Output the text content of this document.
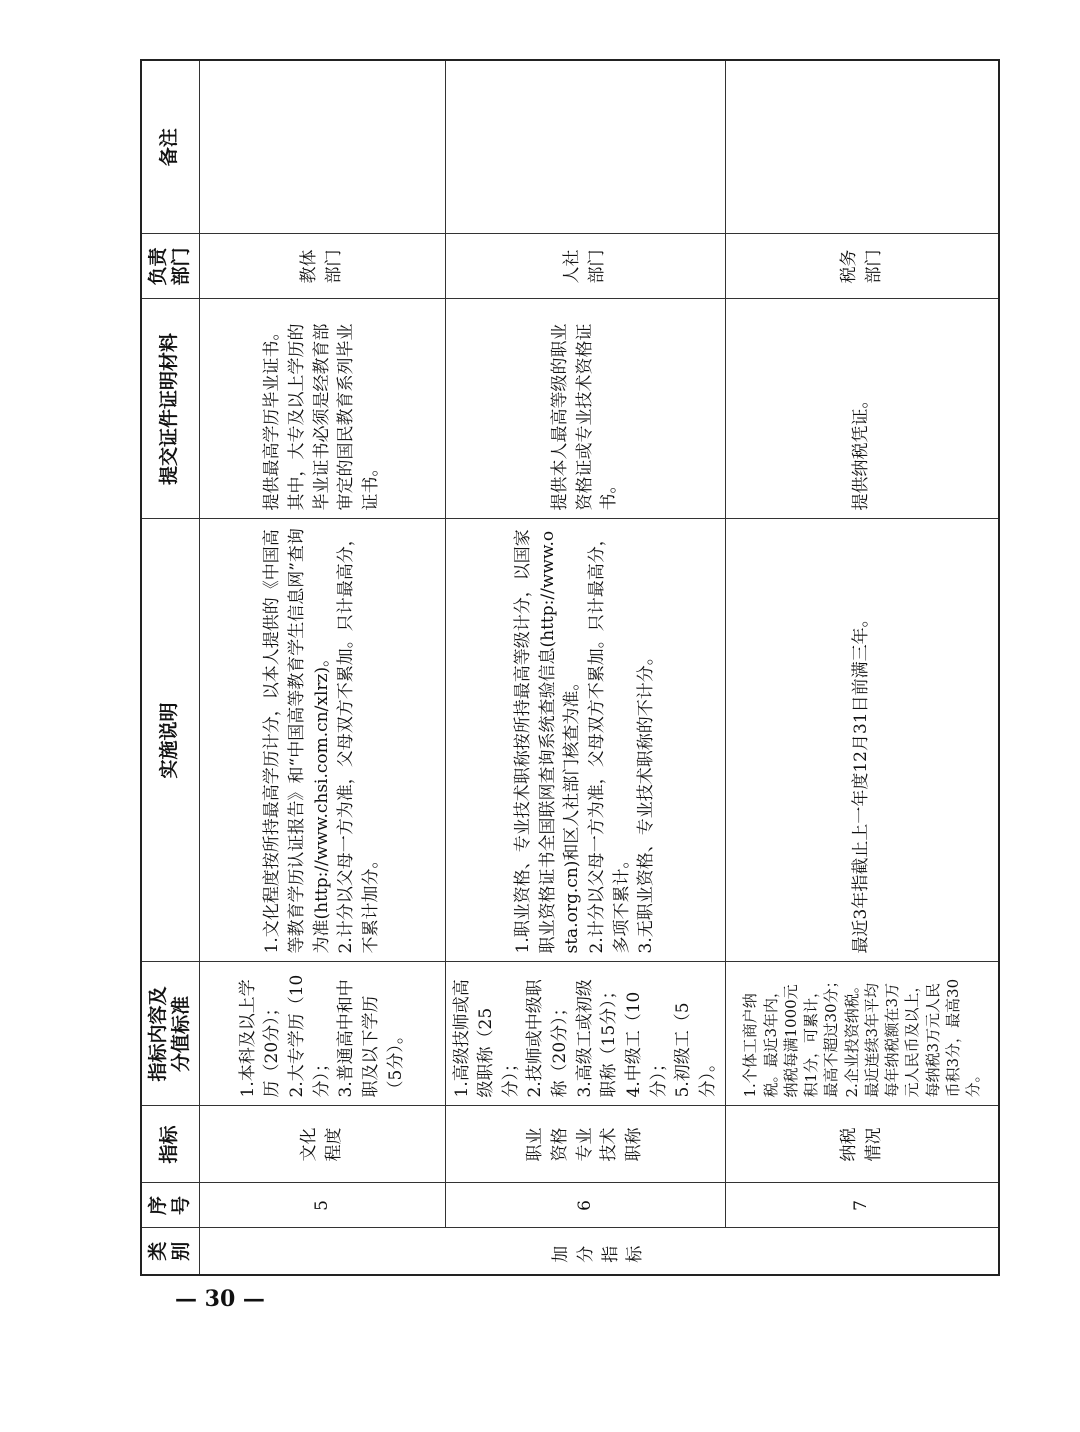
类别	序号	指标	指标内容及 分值标准	实施说明	提交证件证明材料	负责 部门	备注
加分指标	5	文化 程度	1.本科及以上学历（20分）； 2.大专学历（10分）； 3.普通高中和中职及以下学历（5分）。	1.文化程度按所持最高学历计分，以本人提供的《中国高等教育学历认证报告》和“中国高等教育学生信息网”查询为准(http://www.chsi.com.cn/xlrz)。 2.计分以父母一方为准，父母双方不累加。只计最高分，不累计加分。	提供最高学历毕业证书。其中，大专及以上学历的毕业证书必须是经教育部审定的国民教育系列毕业证书。	教体 部门	

	6	职业 资格 专业 技术 职称	1.高级技师或高级职称（25分）； 2.技师或中级职称（20分）； 3.高级工或初级职称（15分）； 4.中级工（10分）； 5.初级工（5分）。	1.职业资格、专业技术职称按所持最高等级计分，以国家职业资格证书全国联网查询系统查验信息(http://www.osta.org.cn)和区人社部门核查为准。 2.计分以父母一方为准，父母双方不累加。只计最高分，多项不累计。 3.无职业资格、专业技术职称的不计分。	提供本人最高等级的职业资格证或专业技术资格证书。	人社 部门	

	7	纳税 情况	1.个体工商户纳税。最近3年内，纳税每满1000元积1分，可累计，最高不超过30分； 2.企业投资纳税。最近连续3年平均每年纳税额在3万元人民币及以上，每纳税3万元人民币积3分，最高30分。	最近3年指截止上一年度12月31日前满三年。	提供纳税凭证。	税务 部门	

— 30 —
